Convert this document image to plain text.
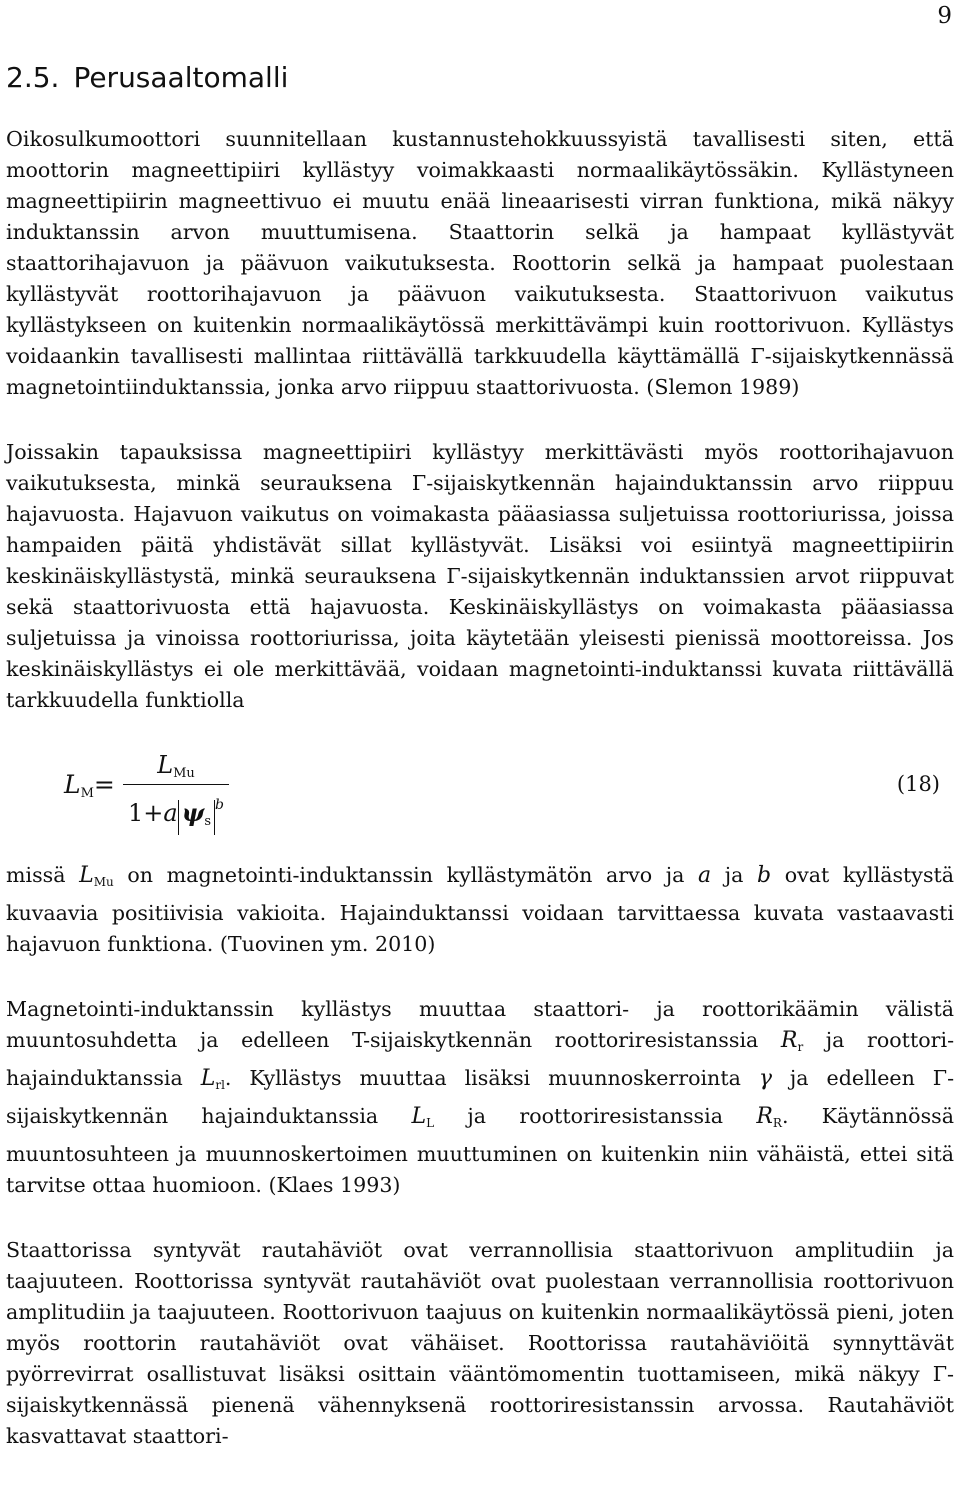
9
2.5. Perusaaltomalli

Oikosulkumoottori suunnitellaan kustannustehokkuussyistä tavallisesti siten, että moottorin magneettipiiri kyllästyy voimakkaasti normaalikäytössäkin. Kyllästyneen magneettipiirin magneettivuo ei muutu enää lineaarisesti virran funktiona, mikä näkyy induktanssin arvon muuttumisena. Staattorin selkä ja hampaat kyllästyvät staattorihajavuon ja päävuon vaikutuksesta. Roottorin selkä ja hampaat puolestaan kyllästyvät roottorihajavuon ja päävuon vaikutuksesta. Staattorivuon vaikutus kyllästykseen on kuitenkin normaalikäytössä merkittävämpi kuin roottorivuon. Kyllästys voidaankin tavallisesti mallintaa riittävällä tarkkuudella käyttämällä Γ-sijaiskytkennässä magnetointiinduktanssia, jonka arvo riippuu staattorivuosta. (Slemon 1989)

Joissakin tapauksissa magneettipiiri kyllästyy merkittävästi myös roottorihajavuon vaikutuksesta, minkä seurauksena Γ-sijaiskytkennän hajainduktanssin arvo riippuu hajavuosta. Hajavuon vaikutus on voimakasta pääasiassa suljetuissa roottoriurissa, joissa hampaiden päitä yhdistävät sillat kyllästyvät. Lisäksi voi esiintyä magneettipiirin keskinäiskyllästystä, minkä seurauksena Γ-sijaiskytkennän induktanssien arvot riippuvat sekä staattorivuosta että hajavuosta. Keskinäiskyllästys on voimakasta pääasiassa suljetuissa ja vinoissa roottoriurissa, joita käytetään yleisesti pienissä moottoreissa. Jos keskinäiskyllästys ei ole merkittävää, voidaan magnetointi-induktanssi kuvata riittävällä tarkkuudella funktiolla

$L_M=$
$L_{Mu}$
1+a $\psi_s^b$
(18)

missä LMu on magnetointi-induktanssin kyllästymätön arvo ja a ja b ovat kyllästystä kuvaavia positiivisia vakioita. Hajainduktanssi voidaan tarvittaessa kuvata vastaavasti hajavuon funktiona. (Tuovinen ym. 2010)

Magnetointi-induktanssin kyllästys muuttaa staattori- ja roottorikäämin välistä muuntosuhdetta ja edelleen T-sijaiskytkennän roottoriresistanssia Rr ja roottorihajainduktanssia Lrl. Kyllästys muuttaa lisäksi muunnoskerrointa γ ja edelleen Γ-sijaiskytkennän hajainduktanssia LL ja roottoriresistanssia RR. Käytännössä muuntosuhteen ja muunnoskertoimen muuttuminen on kuitenkin niin vähäistä, ettei sitä tarvitse ottaa huomioon. (Klaes 1993)

Staattorissa syntyvät rautahäviöt ovat verrannollisia staattorivuon amplitudiin ja taajuuteen. Roottorissa syntyvät rautahäviöt ovat puolestaan verrannollisia roottorivuon amplitudiin ja taajuuteen. Roottorivuon taajuus on kuitenkin normaalikäytössä pieni, joten myös roottorin rautahäviöt ovat vähäiset. Roottorissa rautahäviöitä synnyttävät pyörrevirrat osallistuvat lisäksi osittain vääntömomentin tuottamiseen, mikä näkyy Γ-sijaiskytkennässä pienenä vähennyksenä roottoriresistanssin arvossa. Rautahäviöt kasvattavat staattori-
